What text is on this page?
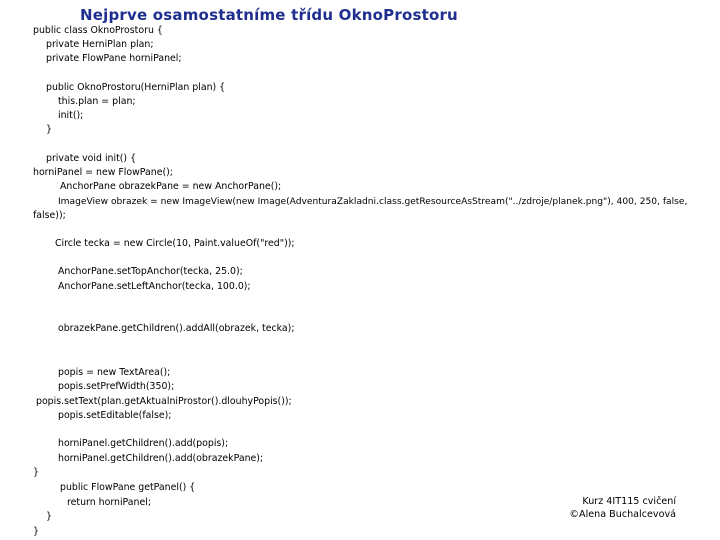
Nejprve osamostatníme třídu OknoProstoru
public class OknoProstoru {
private HerniPlan plan;
private FlowPane horniPanel;
public OknoProstoru(HerniPlan plan) {
this.plan = plan;
init();
}
private void init() {
horniPanel = new FlowPane();
AnchorPane obrazekPane = new AnchorPane();
ImageView obrazek = new ImageView(new Image(AdventuraZakladni.class.getResourceAsStream("../zdroje/planek.png"), 400, 250, false,
false));
Circle tecka = new Circle(10, Paint.valueOf("red"));
AnchorPane.setTopAnchor(tecka, 25.0);
AnchorPane.setLeftAnchor(tecka, 100.0);
obrazekPane.getChildren().addAll(obrazek, tecka);
popis = new TextArea();
popis.setPrefWidth(350);
popis.setText(plan.getAktualniProstor().dlouhyPopis());
popis.setEditable(false);
horniPanel.getChildren().add(popis);
horniPanel.getChildren().add(obrazekPane);
}
public FlowPane getPanel() {
return horniPanel;
}
}
Kurz 4IT115 cvičení
©Alena Buchalcevová
